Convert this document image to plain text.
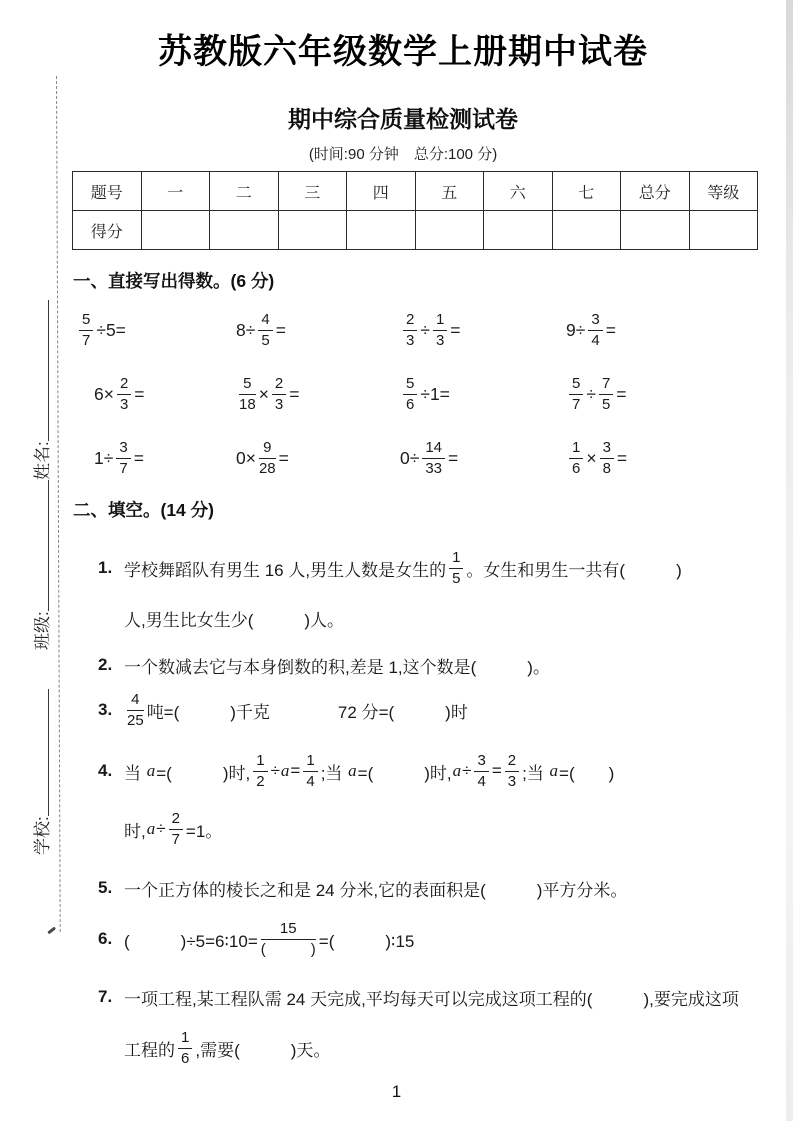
苏教版六年级数学上册期中试卷
期中综合质量检测试卷
(时间:90 分钟　总分:100 分)
题号	一	二	三	四	五	六	七	总分	等级
得分									
一、直接写出得数。(6 分)
$\frac{5}{7} \div 5=$	$8\div \frac{4}{5}$ =	$\frac{2}{3} \div \frac{1}{3}$ =	$9\div \frac{3}{4}$ =
$6\times \frac{2}{3}$ =	$\frac{5}{18} \times \frac{2}{3}$ =	$\frac{5}{6} \div 1=$	$\frac{5}{7} \div \frac{7}{5}$ =
$1\div \frac{3}{7}$ =	$0\times \frac{9}{28}$ =	$0\div \frac{14}{33}$ =	$\frac{1}{6} \times \frac{3}{8}$ =
二、填空。(14 分)
1. 学校舞蹈队有男生 16 人,男生人数是女生的 $\frac{1}{5}$ 。女生和男生一共有(　　　)
人,男生比女生少(　　　)人。
2. 一个数减去它与本身倒数的积,差是 1,这个数是(　　　)。
3. $\frac{4}{25}$ 吨=(　　　)千克　　　　72 分=(　　　)时
4. 当 a =(　　　)时, $\frac{1}{2} \div a = \frac{1}{4}$ ;当 a =(　　　)时, $a \div \frac{3}{4} = \frac{2}{3}$ ;当 a =(　　)
时, $a \div \frac{2}{7} =1$。
5. 一个正方体的棱长之和是 24 分米,它的表面积是(　　　)平方分米。
6. (　　　)÷5=6∶10= $\frac{15}{( )}$ =(　　　)∶15
7. 一项工程,某工程队需 24 天完成,平均每天可以完成这项工程的(　　　),要完成这项
工程的 $\frac{1}{6}$ ,需要(　　　)天。
姓名:
班级:
学校:
1
